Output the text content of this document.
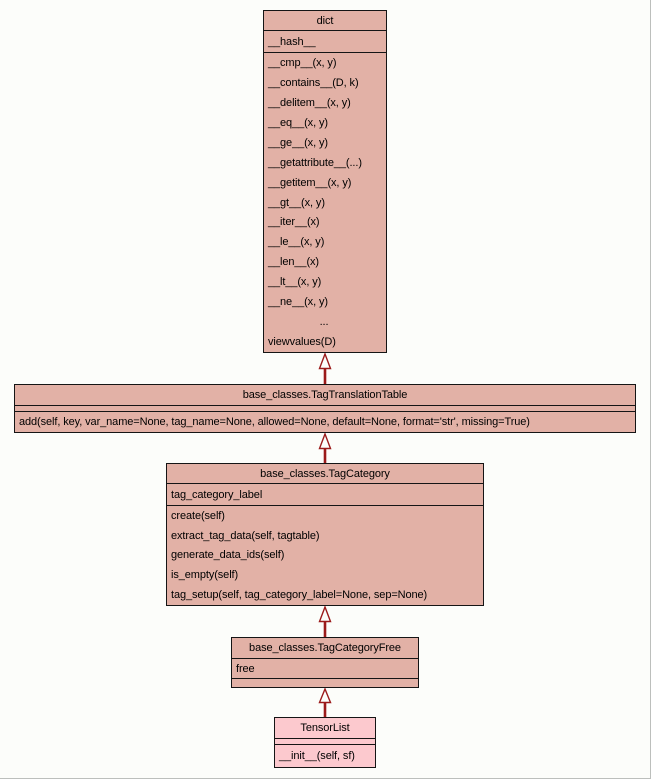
dict
__hash__
__cmp__(x, y)
__contains__(D, k)
__delitem__(x, y)
__eq__(x, y)
__ge__(x, y)
__getattribute__(...)
__getitem__(x, y)
__gt__(x, y)
__iter__(x)
__le__(x, y)
__len__(x)
__lt__(x, y)
__ne__(x, y)
...
viewvalues(D)
base_classes.TagTranslationTable
add(self, key, var_name=None, tag_name=None, allowed=None, default=None, format='str', missing=True)
base_classes.TagCategory
tag_category_label
create(self)
extract_tag_data(self, tagtable)
generate_data_ids(self)
is_empty(self)
tag_setup(self, tag_category_label=None, sep=None)
base_classes.TagCategoryFree
free
TensorList
__init__(self, sf)
